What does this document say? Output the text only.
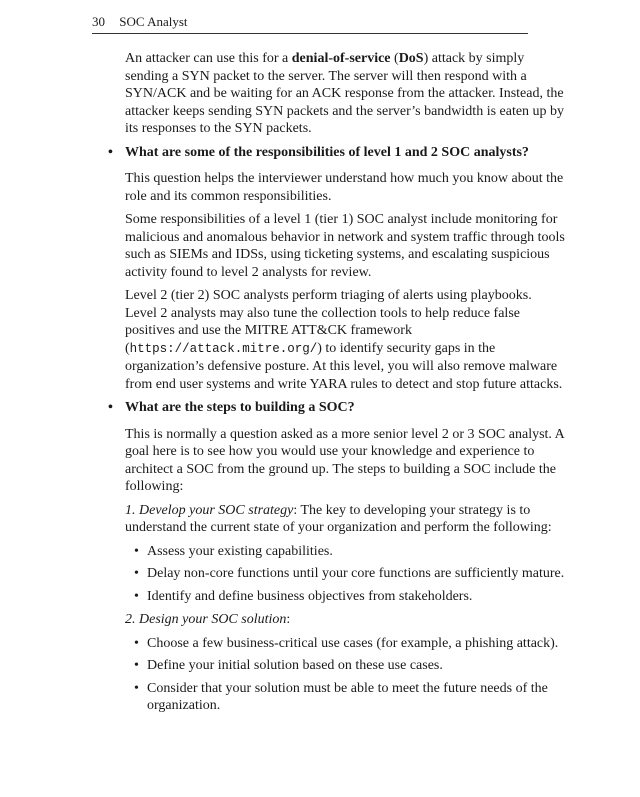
30 SOC Analyst

An attacker can use this for a denial-of-service (DoS) attack by simply sending a SYN packet to the server. The server will then respond with a SYN/ACK and be waiting for an ACK response from the attacker. Instead, the attacker keeps sending SYN packets and the server’s bandwidth is eaten up by its responses to the SYN packets.

• What are some of the responsibilities of level 1 and 2 SOC analysts?

This question helps the interviewer understand how much you know about the role and its common responsibilities.

Some responsibilities of a level 1 (tier 1) SOC analyst include monitoring for malicious and anomalous behavior in network and system traffic through tools such as SIEMs and IDSs, using ticketing systems, and escalating suspicious activity found to level 2 analysts for review.

Level 2 (tier 2) SOC analysts perform triaging of alerts using playbooks. Level 2 analysts may also tune the collection tools to help reduce false positives and use the MITRE ATT&CK framework (https://attack.mitre.org/) to identify security gaps in the organization’s defensive posture. At this level, you will also remove malware from end user systems and write YARA rules to detect and stop future attacks.

• What are the steps to building a SOC?

This is normally a question asked as a more senior level 2 or 3 SOC analyst. A goal here is to see how you would use your knowledge and experience to architect a SOC from the ground up. The steps to building a SOC include the following:

1. Develop your SOC strategy: The key to developing your strategy is to understand the current state of your organization and perform the following:

• Assess your existing capabilities.
• Delay non-core functions until your core functions are sufficiently mature.
• Identify and define business objectives from stakeholders.

2. Design your SOC solution:

• Choose a few business-critical use cases (for example, a phishing attack).
• Define your initial solution based on these use cases.
• Consider that your solution must be able to meet the future needs of the organization.
